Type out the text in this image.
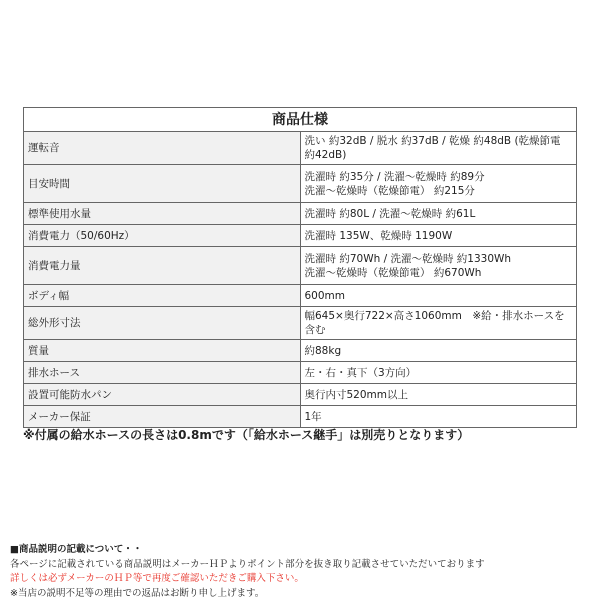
商品仕様	
運転音	洗い 約32dB / 脱水 約37dB / 乾燥 約48dB (乾燥節電 約42dB)

目安時間	洗濯時 約35分 / 洗濯〜乾燥時 約89分
洗濯〜乾燥時（乾燥節電） 約215分

標準使用水量	洗濯時 約80L / 洗濯〜乾燥時 約61L

消費電力（50/60Hz）	洗濯時 135W、乾燥時 1190W

消費電力量	洗濯時 約70Wh / 洗濯〜乾燥時 約1330Wh
洗濯〜乾燥時（乾燥節電） 約670Wh

ボディ幅	600mm

総外形寸法	幅645×奥行722×高さ1060mm　※給・排水ホースを含む

質量	約88kg

排水ホース	左・右・真下（3方向）

設置可能防水パン	奥行内寸520mm以上

メーカー保証	1年
※付属の給水ホースの長さは0.8mです（「給水ホース継手」は別売りとなります）
■商品説明の記載について・・
各ページに記載されている商品説明はメーカーＨＰよりポイント部分を抜き取り記載させていただいております
詳しくは必ずメーカーのＨＰ等で再度ご確認いただきご購入下さい。
※当店の説明不足等の理由での返品はお断り申し上げます。
